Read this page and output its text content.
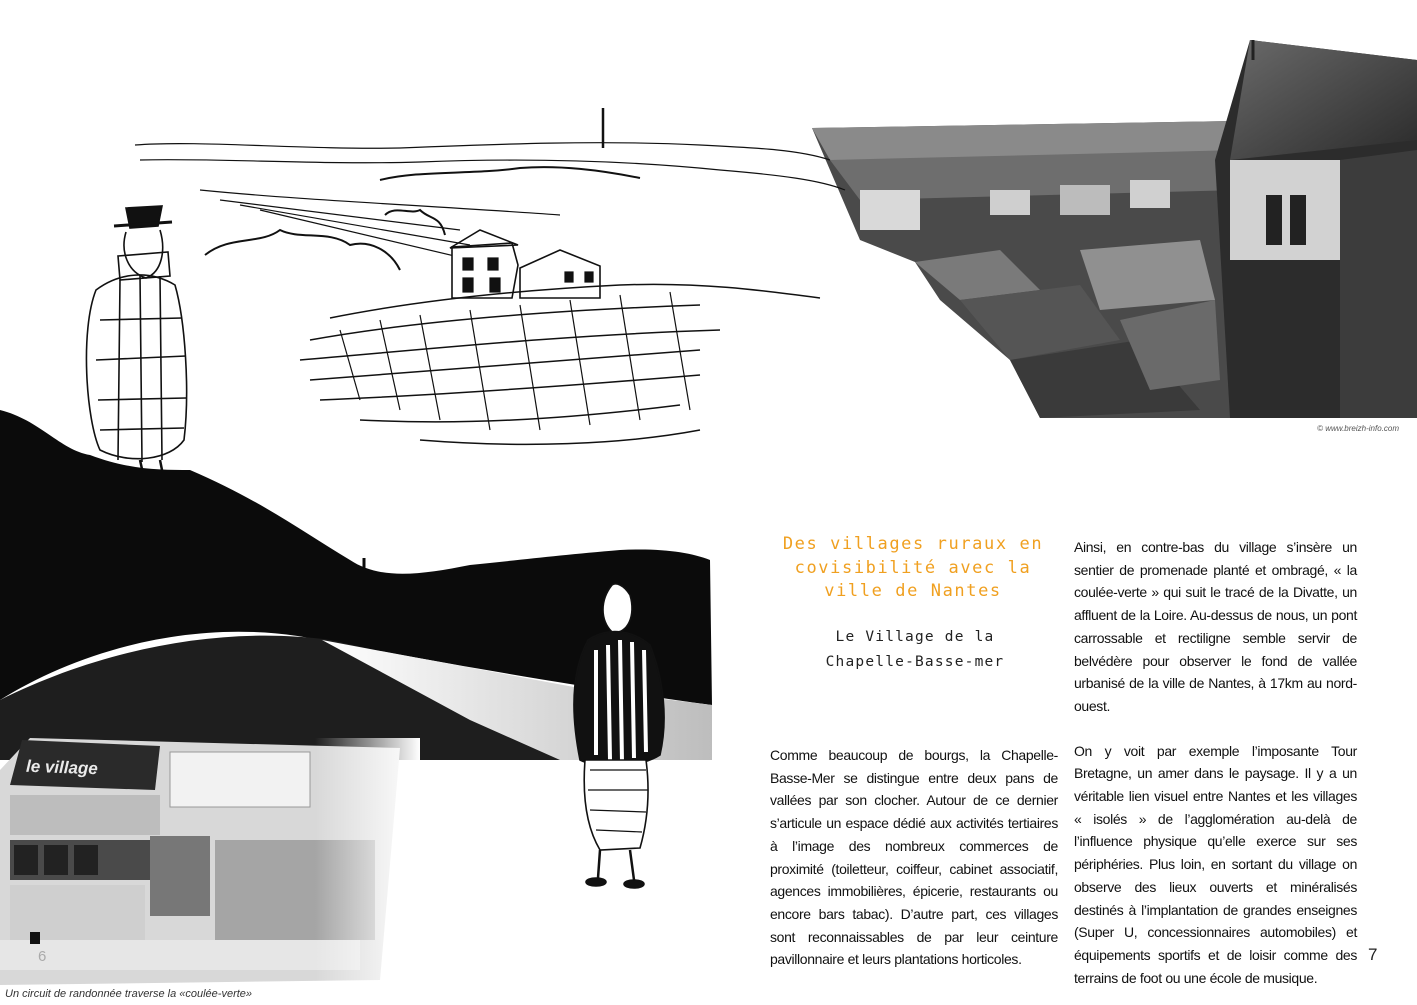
le village
© www.breizh-info.com
Des villages ruraux en
covisibilité avec la
ville de Nantes
Le Village de la
Chapelle-Basse-mer

Comme beaucoup de bourgs, la Chapelle-Basse-Mer se distingue entre deux pans de vallées par son clocher. Autour de ce dernier s’articule un espace dédié aux activités tertiaires à l’image des nombreux commerces de proximité (toiletteur, coiffeur, cabinet associatif, agences immobilières, épicerie, restaurants ou encore bars tabac). D’autre part, ces villages sont reconnaissables de par leur ceinture pavillonnaire et leurs plantations horticoles.

Ainsi, en contre-bas du village s’insère un sentier de promenade planté et ombragé, « la coulée-verte » qui suit le tracé de la Divatte, un affluent de la Loire. Au-dessus de nous, un pont carrossable et rectiligne semble servir de belvédère pour observer le fond de vallée urbanisé de la ville de Nantes, à 17km au nord-ouest.

On y voit par exemple l’imposante Tour Bretagne, un amer dans le paysage. Il y a un véritable lien visuel entre Nantes et les villages « isolés » de l’agglomération au-delà de l’influence physique qu’elle exerce sur ses périphéries. Plus loin, en sortant du village on observe des lieux ouverts et minéralisés destinés à l’implantation de grandes enseignes (Super U, concessionnaires automobiles) et équipements sportifs et de loisir comme des terrains de foot ou une école de musique.

6	7
Un circuit de randonnée traverse la «coulée-verte»
